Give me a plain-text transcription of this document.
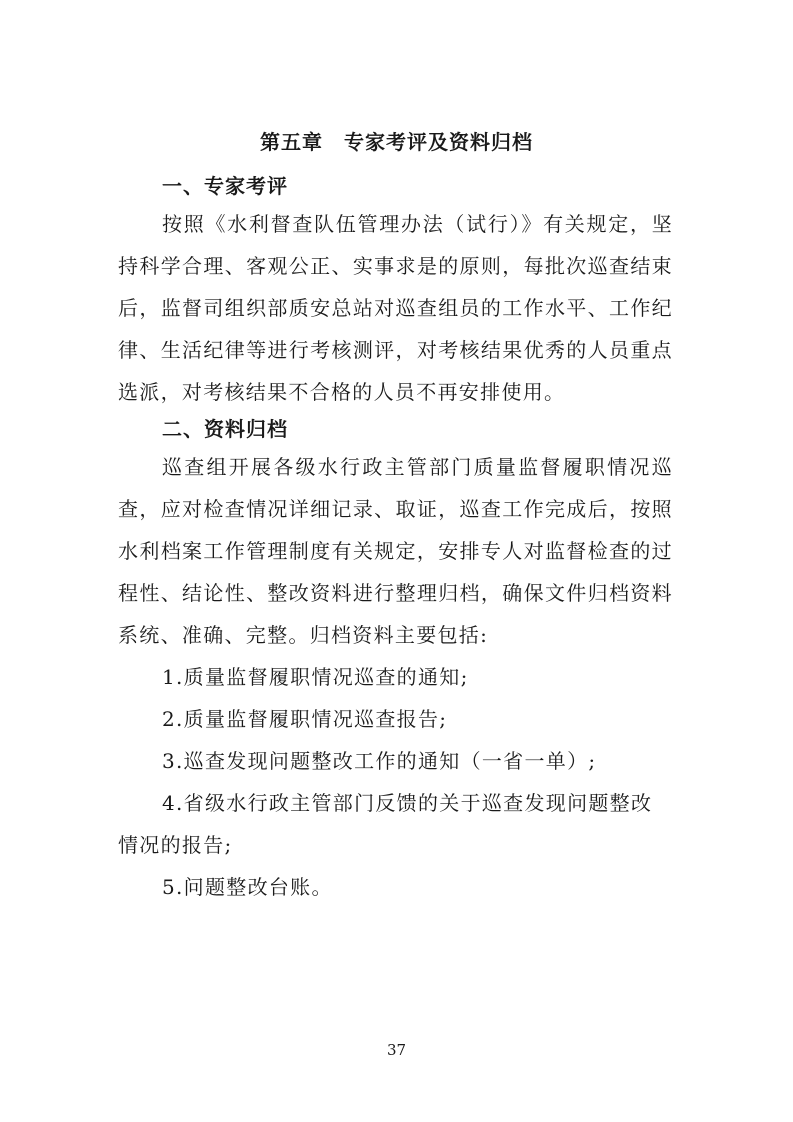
第五章　专家考评及资料归档
一、专家考评

按照《水利督查队伍管理办法（试行）》有关规定，坚持科学合理、客观公正、实事求是的原则，每批次巡查结束后，监督司组织部质安总站对巡查组员的工作水平、工作纪律、生活纪律等进行考核测评，对考核结果优秀的人员重点选派，对考核结果不合格的人员不再安排使用。

二、资料归档

巡查组开展各级水行政主管部门质量监督履职情况巡查，应对检查情况详细记录、取证，巡查工作完成后，按照水利档案工作管理制度有关规定，安排专人对监督检查的过程性、结论性、整改资料进行整理归档，确保文件归档资料系统、准确、完整。归档资料主要包括:

1.质量监督履职情况巡查的通知;

2.质量监督履职情况巡查报告;

3.巡查发现问题整改工作的通知（一省一单）;

4.省级水行政主管部门反馈的关于巡查发现问题整改情况的报告;

5.问题整改台账。

37
